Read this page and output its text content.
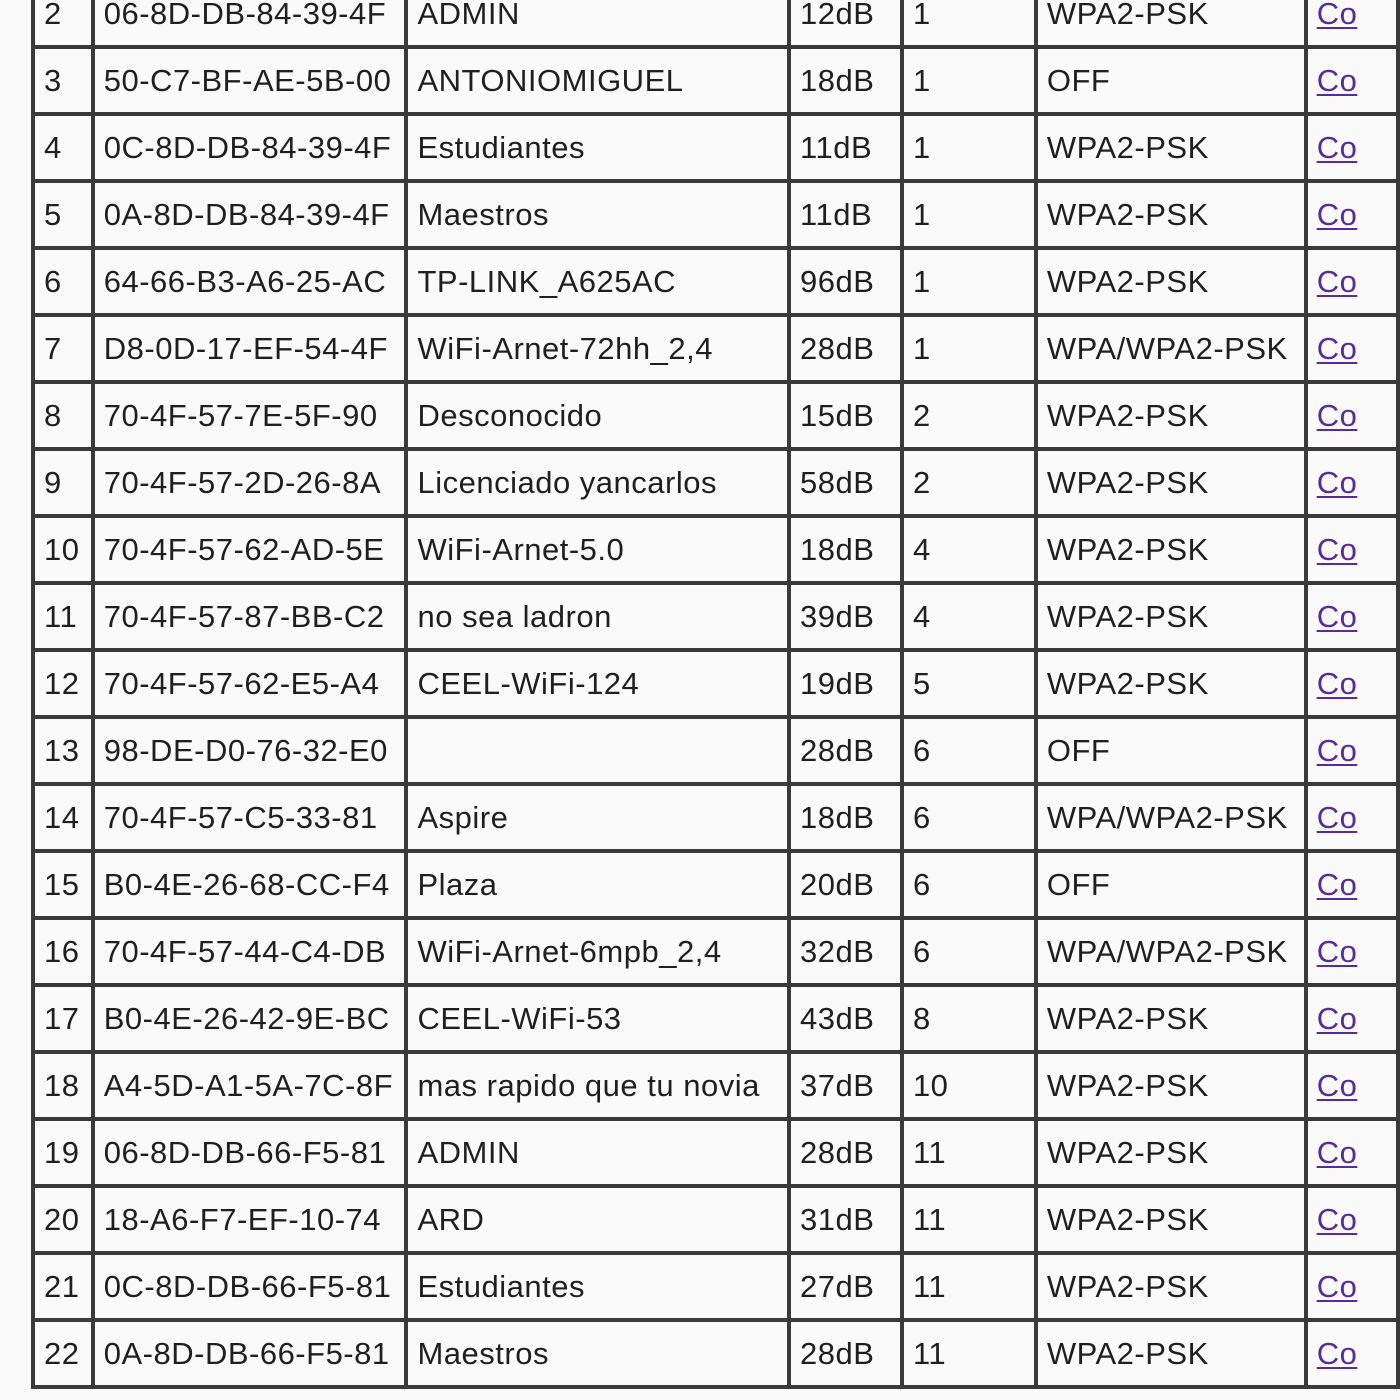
2	06-8D-DB-84-39-4F	ADMIN	12dB	1	WPA2-PSK	Co
3	50-C7-BF-AE-5B-00	ANTONIOMIGUEL	18dB	1	OFF	Co
4	0C-8D-DB-84-39-4F	Estudiantes	11dB	1	WPA2-PSK	Co
5	0A-8D-DB-84-39-4F	Maestros	11dB	1	WPA2-PSK	Co
6	64-66-B3-A6-25-AC	TP-LINK_A625AC	96dB	1	WPA2-PSK	Co
7	D8-0D-17-EF-54-4F	WiFi-Arnet-72hh_2,4	28dB	1	WPA/WPA2-PSK	Co
8	70-4F-57-7E-5F-90	Desconocido	15dB	2	WPA2-PSK	Co
9	70-4F-57-2D-26-8A	Licenciado yancarlos	58dB	2	WPA2-PSK	Co
10	70-4F-57-62-AD-5E	WiFi-Arnet-5.0	18dB	4	WPA2-PSK	Co
11	70-4F-57-87-BB-C2	no sea ladron	39dB	4	WPA2-PSK	Co
12	70-4F-57-62-E5-A4	CEEL-WiFi-124	19dB	5	WPA2-PSK	Co
13	98-DE-D0-76-32-E0		28dB	6	OFF	Co
14	70-4F-57-C5-33-81	Aspire	18dB	6	WPA/WPA2-PSK	Co
15	B0-4E-26-68-CC-F4	Plaza	20dB	6	OFF	Co
16	70-4F-57-44-C4-DB	WiFi-Arnet-6mpb_2,4	32dB	6	WPA/WPA2-PSK	Co
17	B0-4E-26-42-9E-BC	CEEL-WiFi-53	43dB	8	WPA2-PSK	Co
18	A4-5D-A1-5A-7C-8F	mas rapido que tu novia	37dB	10	WPA2-PSK	Co
19	06-8D-DB-66-F5-81	ADMIN	28dB	11	WPA2-PSK	Co
20	18-A6-F7-EF-10-74	ARD	31dB	11	WPA2-PSK	Co
21	0C-8D-DB-66-F5-81	Estudiantes	27dB	11	WPA2-PSK	Co
22	0A-8D-DB-66-F5-81	Maestros	28dB	11	WPA2-PSK	Co
